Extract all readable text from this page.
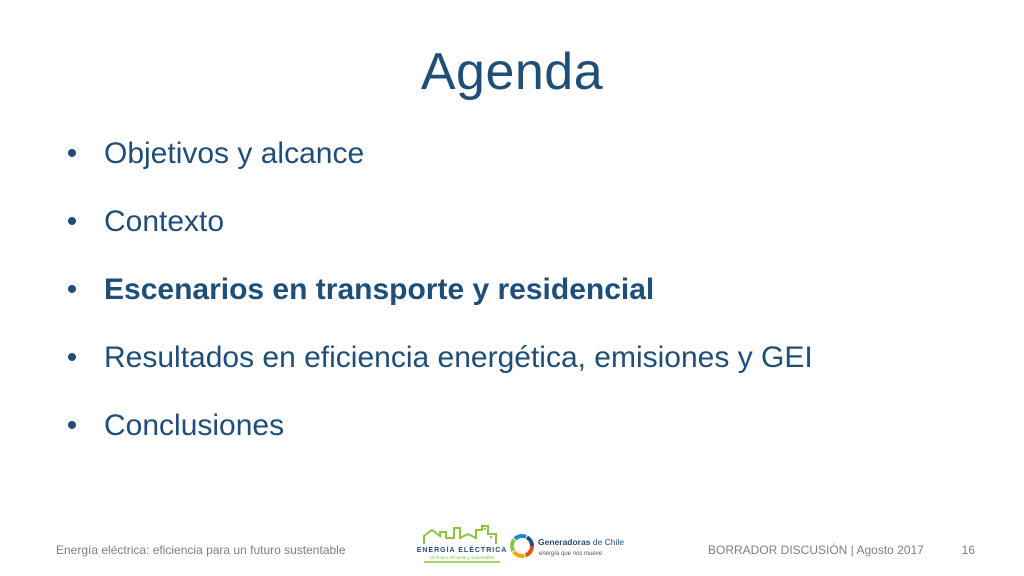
Agenda
• Objetivos y alcance
• Contexto
• Escenarios en transporte y residencial
• Resultados en eficiencia energética, emisiones y GEI
• Conclusiones
Energía eléctrica: eficiencia para un futuro sustentable	ENERGÍA ELÉCTRICA
Un futuro eficiente y sustentable
Generadoras de Chile
energía que nos mueve	BORRADOR DISCUSIÓN | Agosto 2017	16
